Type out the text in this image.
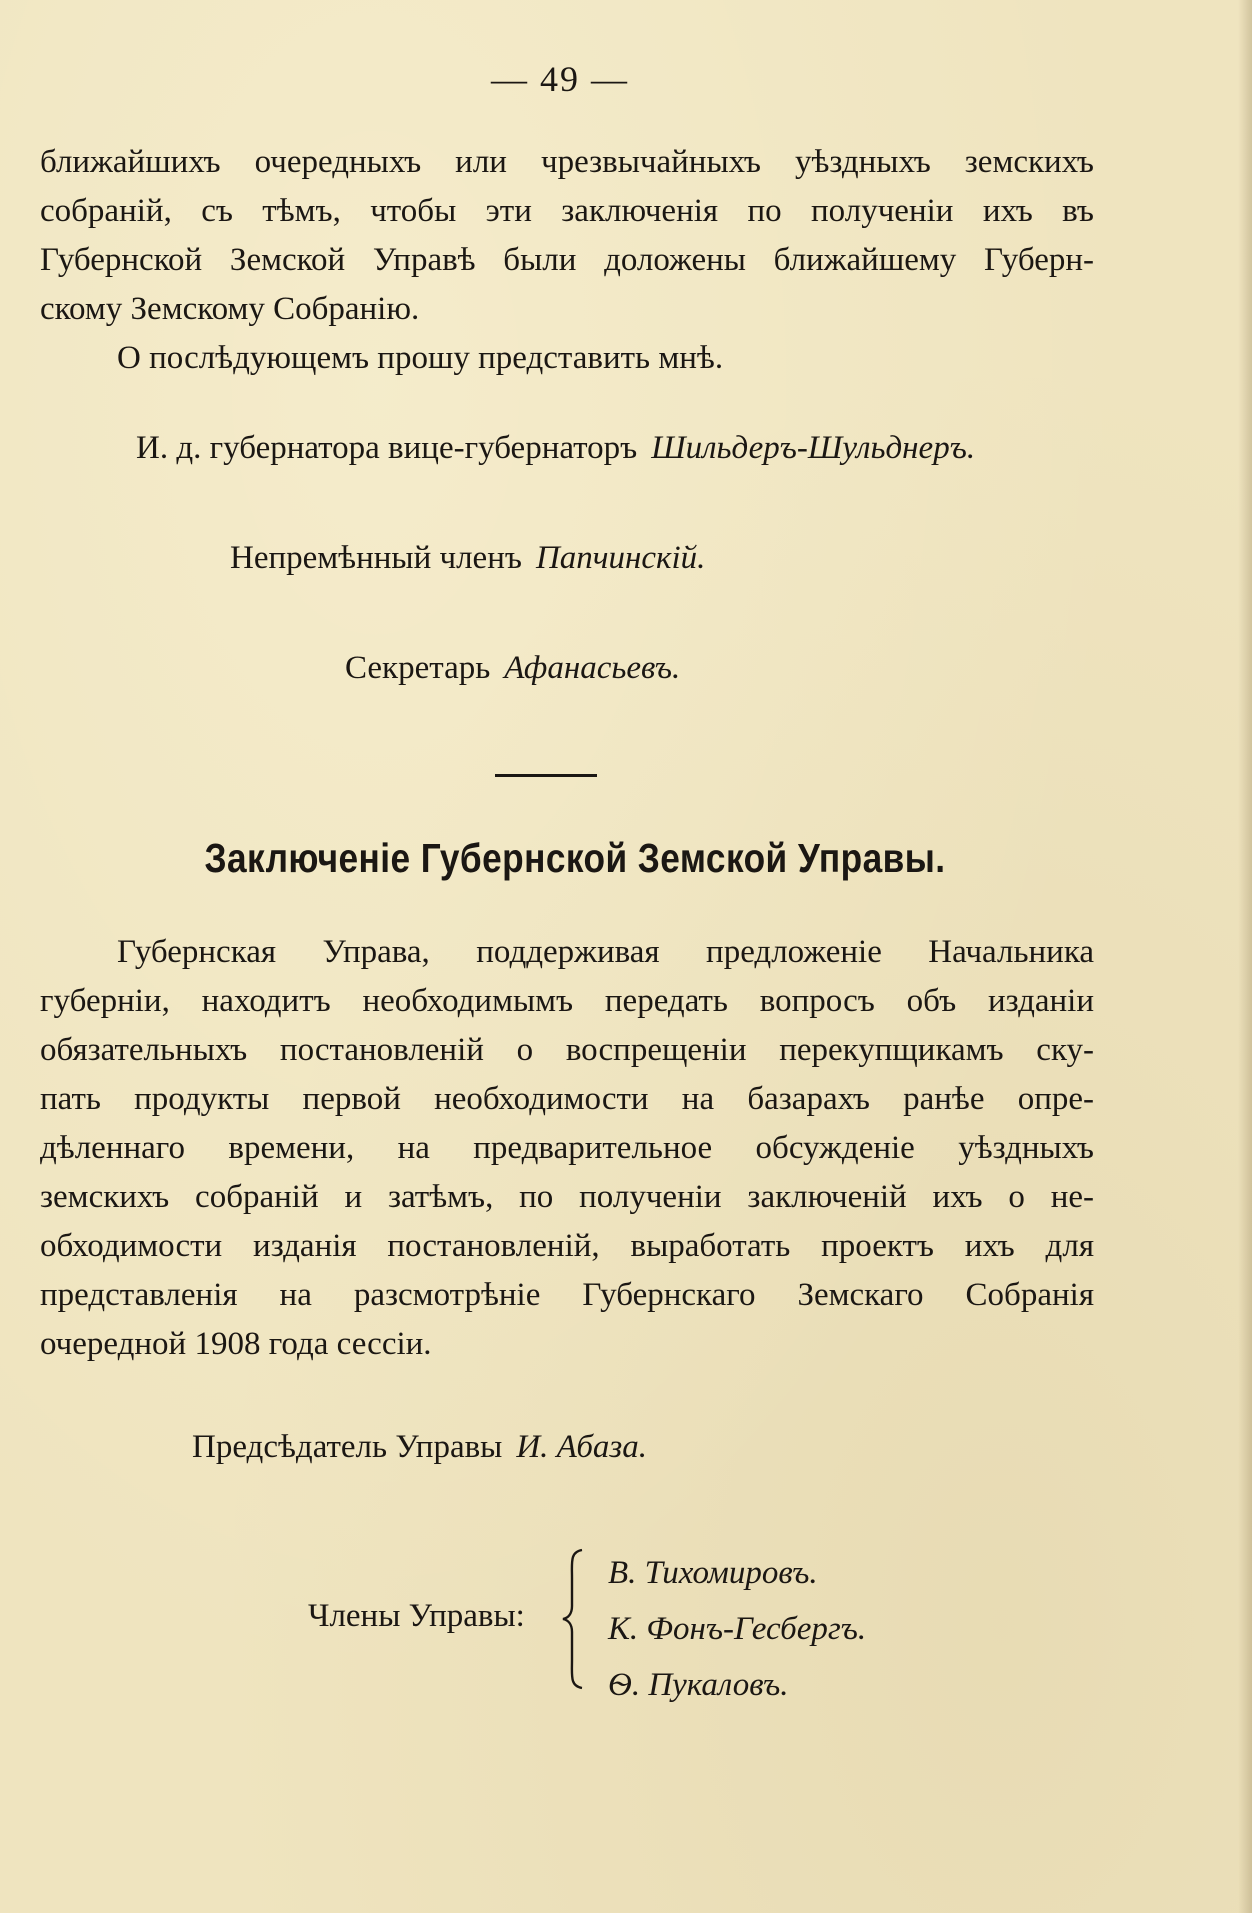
— 49 —

ближайшихъ очередныхъ или чрезвычайныхъ уѣздныхъ земскихъ

собраній, съ тѣмъ, чтобы эти заключенія по полученіи ихъ въ

Губернской Земской Управѣ были доложены ближайшему Губерн-

скому Земскому Собранію.

О послѣдующемъ прошу представить мнѣ.

И. д. губернатора вице-губернаторъ Шильдеръ-Шульднеръ.
Непремѣнный членъ Папчинскій.
Секретарь Афанасьевъ.
Заключеніе Губернской Земской Управы.

Губернская Управа, поддерживая предложеніе Начальника

губерніи, находитъ необходимымъ передать вопросъ объ изданіи

обязательныхъ постановленій о воспрещеніи перекупщикамъ ску-

пать продукты первой необходимости на базарахъ ранѣе опре-

дѣленнаго времени, на предварительное обсужденіе уѣздныхъ

земскихъ собраній и затѣмъ, по полученіи заключеній ихъ о не-

обходимости изданія постановленій, выработать проектъ ихъ для

представленія на разсмотрѣніе Губернскаго Земскаго Собранія

очередной 1908 года сессіи.

Предсѣдатель Управы И. Абаза.
Члены Управы:
В. Тихомировъ.
К. Фонъ-Гесбергъ.
Ѳ. Пукаловъ.
